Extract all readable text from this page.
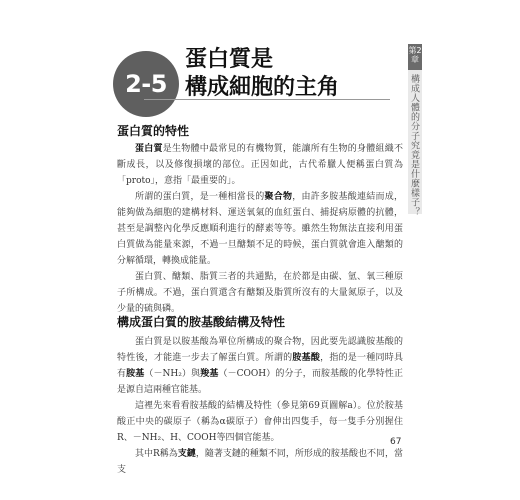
2-5
蛋白質是
構成細胞的主角
第2章
構成人體的分子究竟是什麼樣子？
蛋白質的特性

蛋白質是生物體中最常見的有機物質，能讓所有生物的身體組織不斷成長，以及修復損壞的部位。正因如此，古代希臘人便稱蛋白質為「proto」，意指「最重要的」。

所謂的蛋白質，是一種相當長的聚合物，由許多胺基酸連結而成，能夠做為細胞的建構材料、運送氧氣的血紅蛋白、捕捉病原體的抗體，甚至是調整內化學反應順利進行的酵素等等。雖然生物無法直接利用蛋白質做為能量來源，不過一旦醣類不足的時候，蛋白質就會進入醣類的分解循環，轉換成能量。

蛋白質、醣類、脂質三者的共通點，在於都是由碳、氫、氧三種原子所構成。不過，蛋白質還含有醣類及脂質所沒有的大量氮原子，以及少量的硫與磷。

構成蛋白質的胺基酸結構及特性

蛋白質是以胺基酸為單位所構成的聚合物，因此要先認識胺基酸的特性後，才能進一步去了解蛋白質。所謂的胺基酸，指的是一種同時具有胺基（－NH₂）與羧基（－COOH）的分子，而胺基酸的化學特性正是源自這兩種官能基。

這裡先來看看胺基酸的結構及特性（參見第69頁圖解a）。位於胺基酸正中央的碳原子（稱為α碳原子）會伸出四隻手，每一隻手分別握住R、－NH₂、H、COOH等四個官能基。

其中R稱為支鏈，隨著支鏈的種類不同，所形成的胺基酸也不同，當支

67
